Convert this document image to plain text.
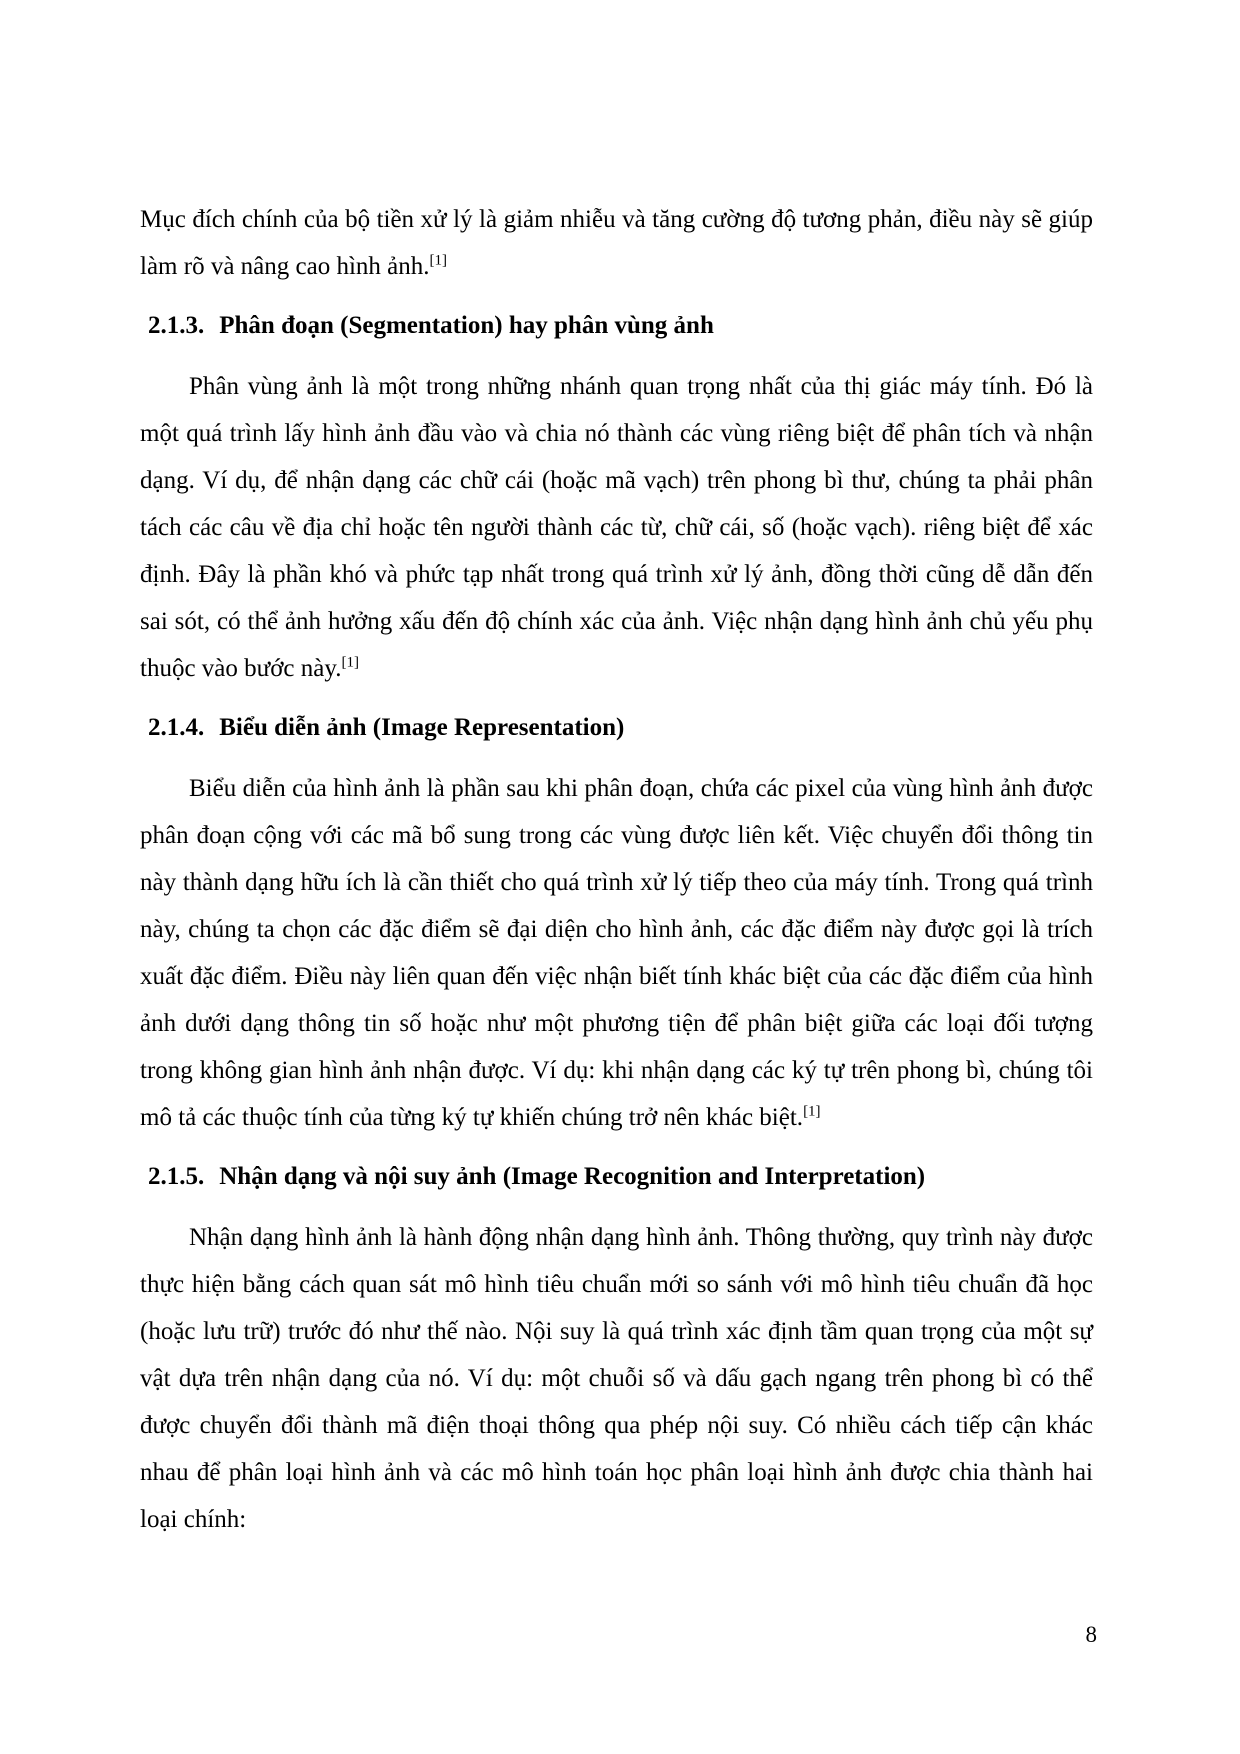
Mục đích chính của bộ tiền xử lý là giảm nhiễu và tăng cường độ tương phản, điều này sẽ giúp làm rõ và nâng cao hình ảnh.[1]

2.1.3. Phân đoạn (Segmentation) hay phân vùng ảnh

Phân vùng ảnh là một trong những nhánh quan trọng nhất của thị giác máy tính. Đó là một quá trình lấy hình ảnh đầu vào và chia nó thành các vùng riêng biệt để phân tích và nhận dạng. Ví dụ, để nhận dạng các chữ cái (hoặc mã vạch) trên phong bì thư, chúng ta phải phân tách các câu về địa chỉ hoặc tên người thành các từ, chữ cái, số (hoặc vạch). riêng biệt để xác định. Đây là phần khó và phức tạp nhất trong quá trình xử lý ảnh, đồng thời cũng dễ dẫn đến sai sót, có thể ảnh hưởng xấu đến độ chính xác của ảnh. Việc nhận dạng hình ảnh chủ yếu phụ thuộc vào bước này.[1]

2.1.4. Biểu diễn ảnh (Image Representation)

Biểu diễn của hình ảnh là phần sau khi phân đoạn, chứa các pixel của vùng hình ảnh được phân đoạn cộng với các mã bổ sung trong các vùng được liên kết. Việc chuyển đổi thông tin này thành dạng hữu ích là cần thiết cho quá trình xử lý tiếp theo của máy tính. Trong quá trình này, chúng ta chọn các đặc điểm sẽ đại diện cho hình ảnh, các đặc điểm này được gọi là trích xuất đặc điểm. Điều này liên quan đến việc nhận biết tính khác biệt của các đặc điểm của hình ảnh dưới dạng thông tin số hoặc như một phương tiện để phân biệt giữa các loại đối tượng trong không gian hình ảnh nhận được. Ví dụ: khi nhận dạng các ký tự trên phong bì, chúng tôi mô tả các thuộc tính của từng ký tự khiến chúng trở nên khác biệt.[1]

2.1.5. Nhận dạng và nội suy ảnh (Image Recognition and Interpretation)

Nhận dạng hình ảnh là hành động nhận dạng hình ảnh. Thông thường, quy trình này được thực hiện bằng cách quan sát mô hình tiêu chuẩn mới so sánh với mô hình tiêu chuẩn đã học (hoặc lưu trữ) trước đó như thế nào. Nội suy là quá trình xác định tầm quan trọng của một sự vật dựa trên nhận dạng của nó. Ví dụ: một chuỗi số và dấu gạch ngang trên phong bì có thể được chuyển đổi thành mã điện thoại thông qua phép nội suy. Có nhiều cách tiếp cận khác nhau để phân loại hình ảnh và các mô hình toán học phân loại hình ảnh được chia thành hai loại chính:

8
